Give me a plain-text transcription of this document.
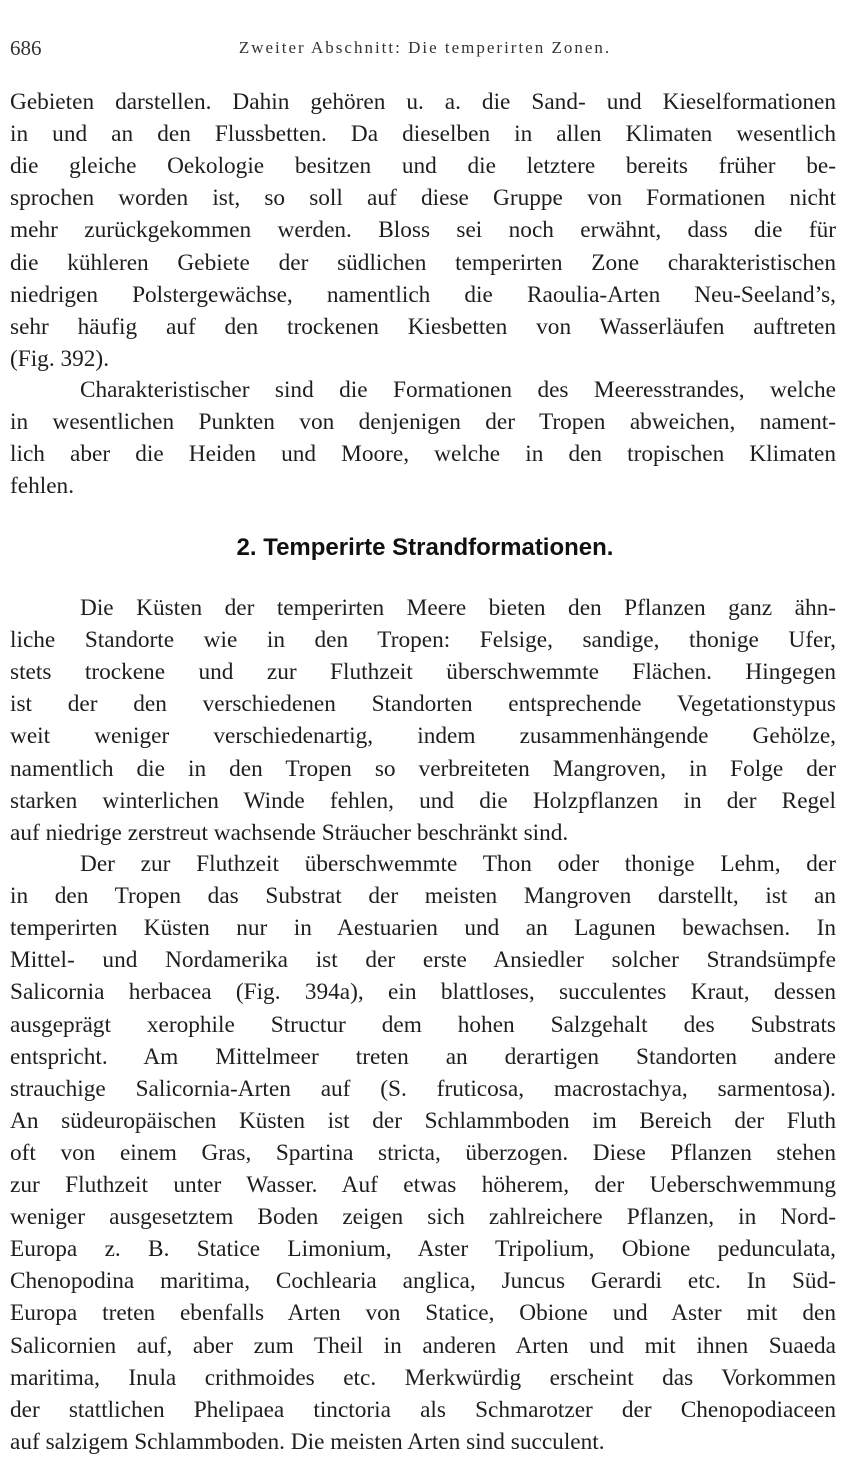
686	Zweiter Abschnitt: Die temperirten Zonen.
2. Temperirte Strandformationen.
Gebieten darstellen. Dahin gehören u. a. die Sand- und Kieselformationen
in und an den Flussbetten. Da dieselben in allen Klimaten wesentlich
die gleiche Oekologie besitzen und die letztere bereits früher be-
sprochen worden ist, so soll auf diese Gruppe von Formationen nicht
mehr zurückgekommen werden. Bloss sei noch erwähnt, dass die für
die kühleren Gebiete der südlichen temperirten Zone charakteristischen
niedrigen Polstergewächse, namentlich die Raoulia-Arten Neu-Seeland’s,
sehr häufig auf den trockenen Kiesbetten von Wasserläufen auftreten
(Fig. 392).
Charakteristischer sind die Formationen des Meeresstrandes, welche
in wesentlichen Punkten von denjenigen der Tropen abweichen, nament-
lich aber die Heiden und Moore, welche in den tropischen Klimaten
fehlen.
Die Küsten der temperirten Meere bieten den Pflanzen ganz ähn-
liche Standorte wie in den Tropen: Felsige, sandige, thonige Ufer,
stets trockene und zur Fluthzeit überschwemmte Flächen. Hingegen
ist der den verschiedenen Standorten entsprechende Vegetationstypus
weit weniger verschiedenartig, indem zusammenhängende Gehölze,
namentlich die in den Tropen so verbreiteten Mangroven, in Folge der
starken winterlichen Winde fehlen, und die Holzpflanzen in der Regel
auf niedrige zerstreut wachsende Sträucher beschränkt sind.
Der zur Fluthzeit überschwemmte Thon oder thonige Lehm, der
in den Tropen das Substrat der meisten Mangroven darstellt, ist an
temperirten Küsten nur in Aestuarien und an Lagunen bewachsen. In
Mittel- und Nordamerika ist der erste Ansiedler solcher Strandsümpfe
Salicornia herbacea (Fig. 394a), ein blattloses, succulentes Kraut, dessen
ausgeprägt xerophile Structur dem hohen Salzgehalt des Substrats
entspricht. Am Mittelmeer treten an derartigen Standorten andere
strauchige Salicornia-Arten auf (S. fruticosa, macrostachya, sarmentosa).
An südeuropäischen Küsten ist der Schlammboden im Bereich der Fluth
oft von einem Gras, Spartina stricta, überzogen. Diese Pflanzen stehen
zur Fluthzeit unter Wasser. Auf etwas höherem, der Ueberschwemmung
weniger ausgesetztem Boden zeigen sich zahlreichere Pflanzen, in Nord-
Europa z. B. Statice Limonium, Aster Tripolium, Obione pedunculata,
Chenopodina maritima, Cochlearia anglica, Juncus Gerardi etc. In Süd-
Europa treten ebenfalls Arten von Statice, Obione und Aster mit den
Salicornien auf, aber zum Theil in anderen Arten und mit ihnen Suaeda
maritima, Inula crithmoides etc. Merkwürdig erscheint das Vorkommen
der stattlichen Phelipaea tinctoria als Schmarotzer der Chenopodiaceen
auf salzigem Schlammboden. Die meisten Arten sind succulent.
